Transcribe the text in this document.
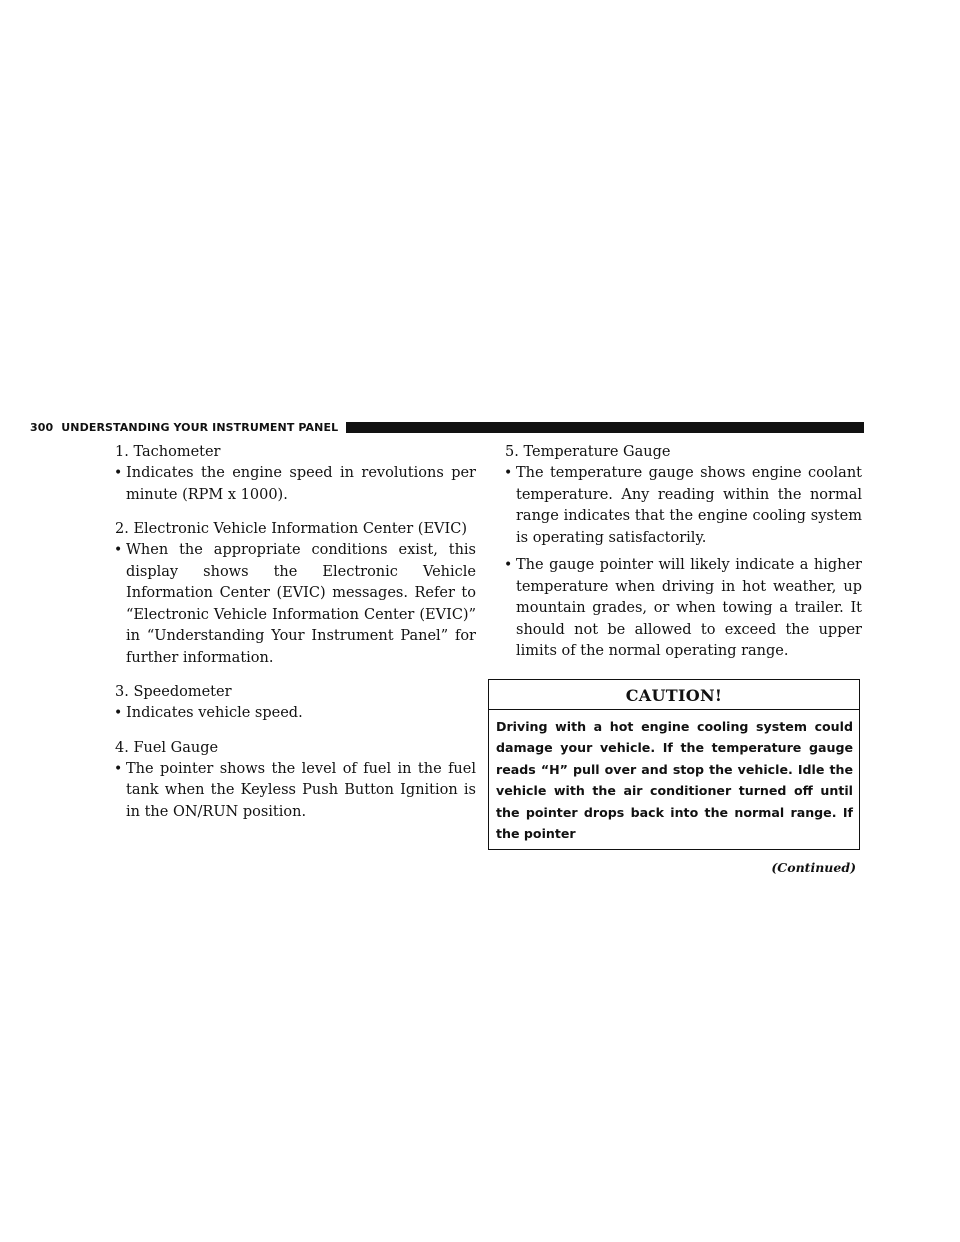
300 UNDERSTANDING YOUR INSTRUMENT PANEL
1. Tachometer
• Indicates the engine speed in revolutions per minute (RPM x 1000).
2. Electronic Vehicle Information Center (EVIC)
• When the appropriate conditions exist, this display shows the Electronic Vehicle Information Center (EVIC) messages. Refer to “Electronic Vehicle Information Center (EVIC)” in “Understanding Your Instrument Panel” for further information.
3. Speedometer
• Indicates vehicle speed.
4. Fuel Gauge
• The pointer shows the level of fuel in the fuel tank when the Keyless Push Button Ignition is in the ON/RUN position.
5. Temperature Gauge
• The temperature gauge shows engine coolant temperature. Any reading within the normal range indicates that the engine cooling system is operating satisfactorily.
• The gauge pointer will likely indicate a higher temperature when driving in hot weather, up mountain grades, or when towing a trailer. It should not be allowed to exceed the upper limits of the normal operating range.
CAUTION!
Driving with a hot engine cooling system could damage your vehicle. If the temperature gauge reads “H” pull over and stop the vehicle. Idle the vehicle with the air conditioner turned off until the pointer drops back into the normal range. If the pointer
(Continued)
